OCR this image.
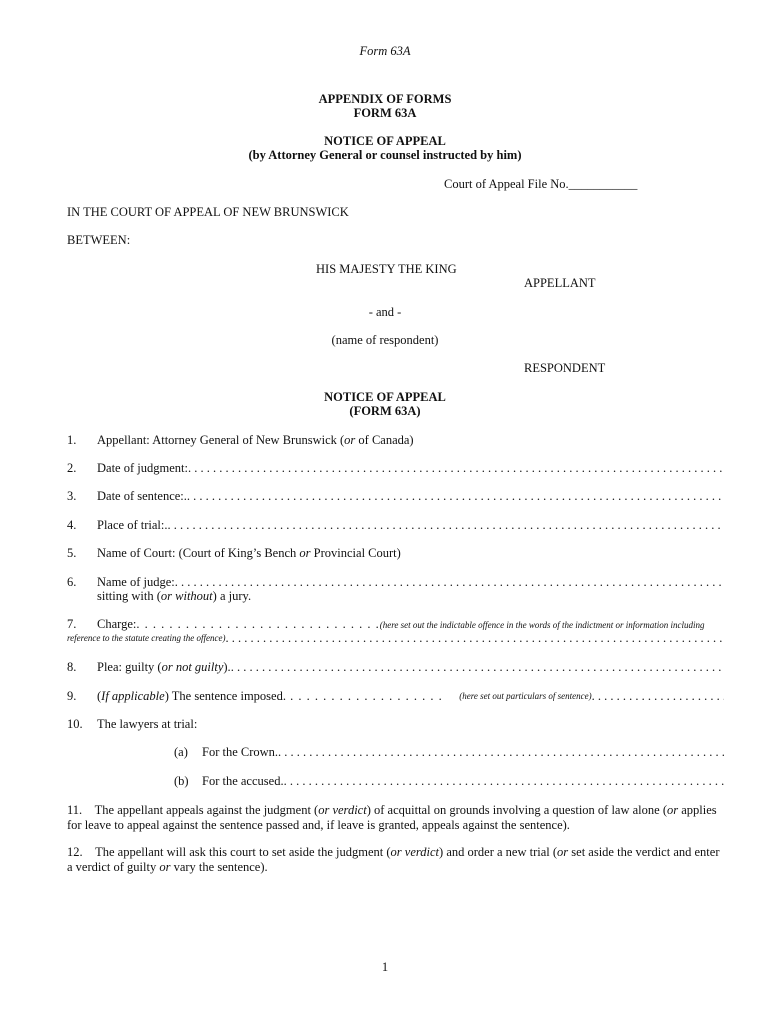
Form 63A
APPENDIX OF FORMS
FORM 63A
NOTICE OF APPEAL
(by Attorney General or counsel instructed by him)
Court of Appeal File No.___________
IN THE COURT OF APPEAL OF NEW BRUNSWICK
BETWEEN:
HIS MAJESTY THE KING
APPELLANT
- and -
(name of respondent)
RESPONDENT
NOTICE OF APPEAL
(FORM 63A)
1. Appellant: Attorney General of New Brunswick (or of Canada)
2. Date of judgment:
. . .
3. Date of sentence:.
. . .
4. Place of trial:.
. . .
5. Name of Court: (Court of King’s Bench or Provincial Court)
6. Name of judge:
. . .
sitting with (or without) a jury.
7. Charge:. . . . . . . . . . . . . . . . . . . . . . . . . . . . . .(here set out the indictable offence in the words of the indictment or information including
reference to the statute creating the offence)
. . .
8. Plea: guilty ( or not guilty ).
. . .
9. ( If applicable ) The sentence imposed. . . . . . . . . . . . . . . . . . . . (here set out particulars of sentence)
. . .
10. The lawyers at trial:
(a) For the Crown.
. . .
(b) For the accused.
. . .
11. The appellant appeals against the judgment (or verdict) of acquittal on grounds involving a question of law alone (or applies for leave to appeal against the sentence passed and, if leave is granted, appeals against the sentence).
12. The appellant will ask this court to set aside the judgment (or verdict) and order a new trial (or set aside the verdict and enter a verdict of guilty or vary the sentence).
1
